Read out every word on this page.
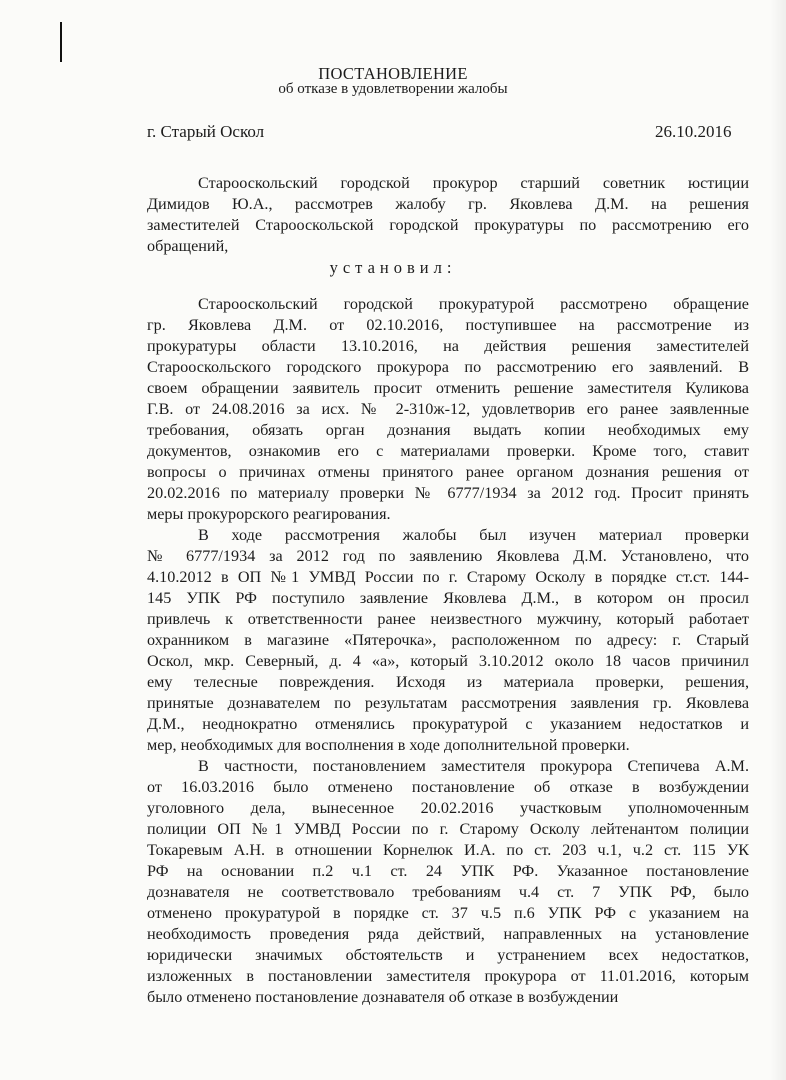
ПОСТАНОВЛЕНИЕ
об отказе в удовлетворении жалобы
г. Старый Оскол	26.10.2016
Старооскольский городской прокурор старший советник юстиции
Димидов Ю.А., рассмотрев жалобу гр. Яковлева Д.М. на решения
заместителей Старооскольской городской прокуратуры по рассмотрению его
обращений,
установил:
Старооскольский городской прокуратурой рассмотрено обращение
гр. Яковлева Д.М. от 02.10.2016, поступившее на рассмотрение из
прокуратуры области 13.10.2016, на действия решения заместителей
Старооскольского городского прокурора по рассмотрению его заявлений. В
своем обращении заявитель просит отменить решение заместителя Куликова
Г.В. от 24.08.2016 за исх. № 2-310ж-12, удовлетворив его ранее заявленные
требования, обязать орган дознания выдать копии необходимых ему
документов, ознакомив его с материалами проверки. Кроме того, ставит
вопросы о причинах отмены принятого ранее органом дознания решения от
20.02.2016 по материалу проверки № 6777/1934 за 2012 год. Просит принять
меры прокурорского реагирования.
В ходе рассмотрения жалобы был изучен материал проверки
№ 6777/1934 за 2012 год по заявлению Яковлева Д.М. Установлено, что
4.10.2012 в ОП №1 УМВД России по г. Старому Осколу в порядке ст.ст. 144-
145 УПК РФ поступило заявление Яковлева Д.М., в котором он просил
привлечь к ответственности ранее неизвестного мужчину, который работает
охранником в магазине «Пятерочка», расположенном по адресу: г. Старый
Оскол, мкр. Северный, д. 4 «а», который 3.10.2012 около 18 часов причинил
ему телесные повреждения. Исходя из материала проверки, решения,
принятые дознавателем по результатам рассмотрения заявления гр. Яковлева
Д.М., неоднократно отменялись прокуратурой с указанием недостатков и
мер, необходимых для восполнения в ходе дополнительной проверки.
В частности, постановлением заместителя прокурора Степичева А.М.
от 16.03.2016 было отменено постановление об отказе в возбуждении
уголовного дела, вынесенное 20.02.2016 участковым уполномоченным
полиции ОП №1 УМВД России по г. Старому Осколу лейтенантом полиции
Токаревым А.Н. в отношении Корнелюк И.А. по ст. 203 ч.1, ч.2 ст. 115 УК
РФ на основании п.2 ч.1 ст. 24 УПК РФ. Указанное постановление
дознавателя не соответствовало требованиям ч.4 ст. 7 УПК РФ, было
отменено прокуратурой в порядке ст. 37 ч.5 п.6 УПК РФ с указанием на
необходимость проведения ряда действий, направленных на установление
юридически значимых обстоятельств и устранением всех недостатков,
изложенных в постановлении заместителя прокурора от 11.01.2016, которым
было отменено постановление дознавателя об отказе в возбуждении
